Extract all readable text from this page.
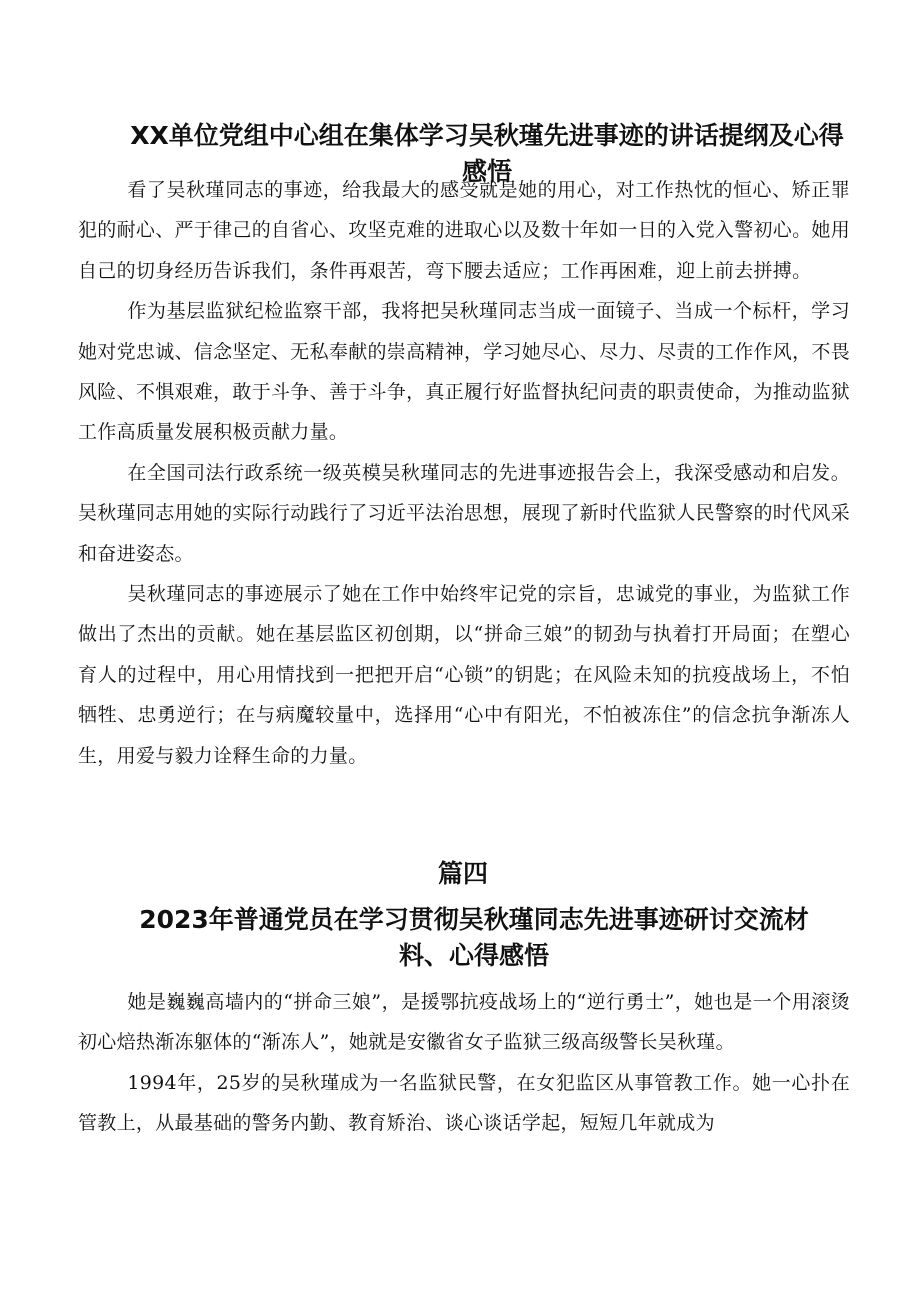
XX单位党组中心组在集体学习吴秋瑾先进事迹的讲话提纲及心得感悟

看了吴秋瑾同志的事迹，给我最大的感受就是她的用心，对工作热忱的恒心、矫正罪犯的耐心、严于律己的自省心、攻坚克难的进取心以及数十年如一日的入党入警初心。她用自己的切身经历告诉我们，条件再艰苦，弯下腰去适应；工作再困难，迎上前去拼搏。

作为基层监狱纪检监察干部，我将把吴秋瑾同志当成一面镜子、当成一个标杆，学习她对党忠诚、信念坚定、无私奉献的崇高精神，学习她尽心、尽力、尽责的工作作风，不畏风险、不惧艰难，敢于斗争、善于斗争，真正履行好监督执纪问责的职责使命，为推动监狱工作高质量发展积极贡献力量。

在全国司法行政系统一级英模吴秋瑾同志的先进事迹报告会上，我深受感动和启发。吴秋瑾同志用她的实际行动践行了习近平法治思想，展现了新时代监狱人民警察的时代风采和奋进姿态。

吴秋瑾同志的事迹展示了她在工作中始终牢记党的宗旨，忠诚党的事业，为监狱工作做出了杰出的贡献。她在基层监区初创期，以“拼命三娘”的韧劲与执着打开局面；在塑心育人的过程中，用心用情找到一把把开启“心锁”的钥匙；在风险未知的抗疫战场上，不怕牺牲、忠勇逆行；在与病魔较量中，选择用“心中有阳光，不怕被冻住”的信念抗争渐冻人生，用爱与毅力诠释生命的力量。

篇四
2023年普通党员在学习贯彻吴秋瑾同志先进事迹研讨交流材料、心得感悟

她是巍巍高墙内的“拼命三娘”，是援鄂抗疫战场上的“逆行勇士”，她也是一个用滚烫初心焙热渐冻躯体的“渐冻人”，她就是安徽省女子监狱三级高级警长吴秋瑾。

1994年，25岁的吴秋瑾成为一名监狱民警，在女犯监区从事管教工作。她一心扑在管教上，从最基础的警务内勤、教育矫治、谈心谈话学起，短短几年就成为
